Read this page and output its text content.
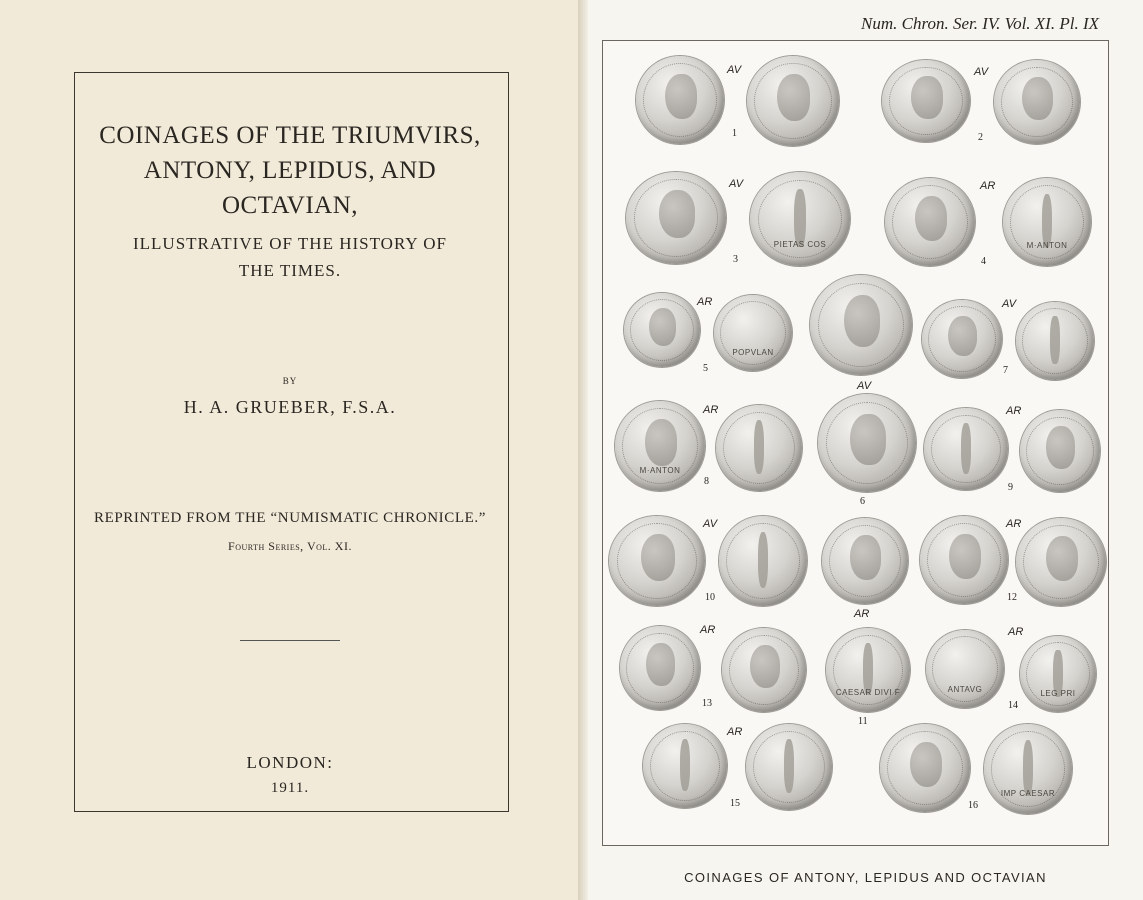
COINAGES OF THE TRIUMVIRS,
ANTONY, LEPIDUS, AND
OCTAVIAN,
ILLUSTRATIVE OF THE HISTORY OF
THE TIMES.
BY
H. A. GRUEBER, F.S.A.
REPRINTED FROM THE “NUMISMATIC CHRONICLE.”
Fourth Series, Vol. XI.
LONDON:
1911.
Num. Chron. Ser. IV. Vol. XI. Pl. IX
AV
1
AV
2
PIETAS COS
AV
3
M·ANTON
AR
4
POPVLAN
AR
5
AV
7
M·ANTON
AR
8
AV
6
AR
9
AV
10
AR
12
AR
13
AR
CAESAR DIVI F
11
ANTAVG	LEG PRI
AR
14
AR
15
IMP CAESAR
16
COINAGES OF ANTONY, LEPIDUS AND OCTAVIAN
